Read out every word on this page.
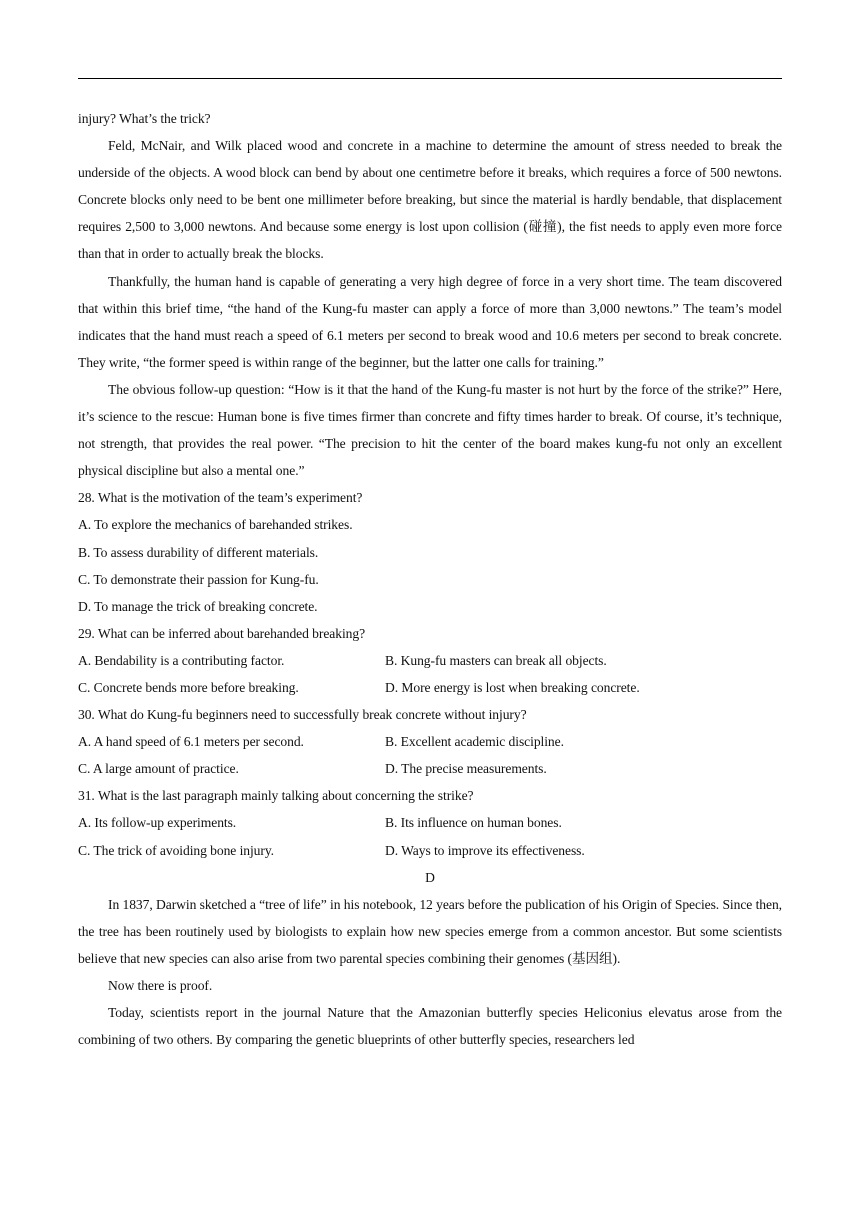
injury? What’s the trick?

Feld, McNair, and Wilk placed wood and concrete in a machine to determine the amount of stress needed to break the underside of the objects. A wood block can bend by about one centimetre before it breaks, which requires a force of 500 newtons. Concrete blocks only need to be bent one millimeter before breaking, but since the material is hardly bendable, that displacement requires 2,500 to 3,000 newtons. And because some energy is lost upon collision (碰撞), the fist needs to apply even more force than that in order to actually break the blocks.

Thankfully, the human hand is capable of generating a very high degree of force in a very short time. The team discovered that within this brief time, “the hand of the Kung-fu master can apply a force of more than 3,000 newtons.” The team’s model indicates that the hand must reach a speed of 6.1 meters per second to break wood and 10.6 meters per second to break concrete. They write, “the former speed is within range of the beginner, but the latter one calls for training.”

The obvious follow-up question: “How is it that the hand of the Kung-fu master is not hurt by the force of the strike?” Here, it’s science to the rescue: Human bone is five times firmer than concrete and fifty times harder to break. Of course, it’s technique, not strength, that provides the real power. “The precision to hit the center of the board makes kung-fu not only an excellent physical discipline but also a mental one.”

28. What is the motivation of the team’s experiment?
A. To explore the mechanics of barehanded strikes.
B. To assess durability of different materials.
C. To demonstrate their passion for Kung-fu.
D. To manage the trick of breaking concrete.
29. What can be inferred about barehanded breaking?
A. Bendability is a contributing factor.	B. Kung-fu masters can break all objects.
C. Concrete bends more before breaking.	D. More energy is lost when breaking concrete.
30. What do Kung-fu beginners need to successfully break concrete without injury?
A. A hand speed of 6.1 meters per second.	B. Excellent academic discipline.
C. A large amount of practice.	D. The precise measurements.
31. What is the last paragraph mainly talking about concerning the strike?
A. Its follow-up experiments.	B. Its influence on human bones.
C. The trick of avoiding bone injury.	D. Ways to improve its effectiveness.
D

In 1837, Darwin sketched a “tree of life” in his notebook, 12 years before the publication of his Origin of Species. Since then, the tree has been routinely used by biologists to explain how new species emerge from a common ancestor. But some scientists believe that new species can also arise from two parental species combining their genomes (基因组).

Now there is proof.

Today, scientists report in the journal Nature that the Amazonian butterfly species Heliconius elevatus arose from the combining of two others. By comparing the genetic blueprints of other butterfly species, researchers led
